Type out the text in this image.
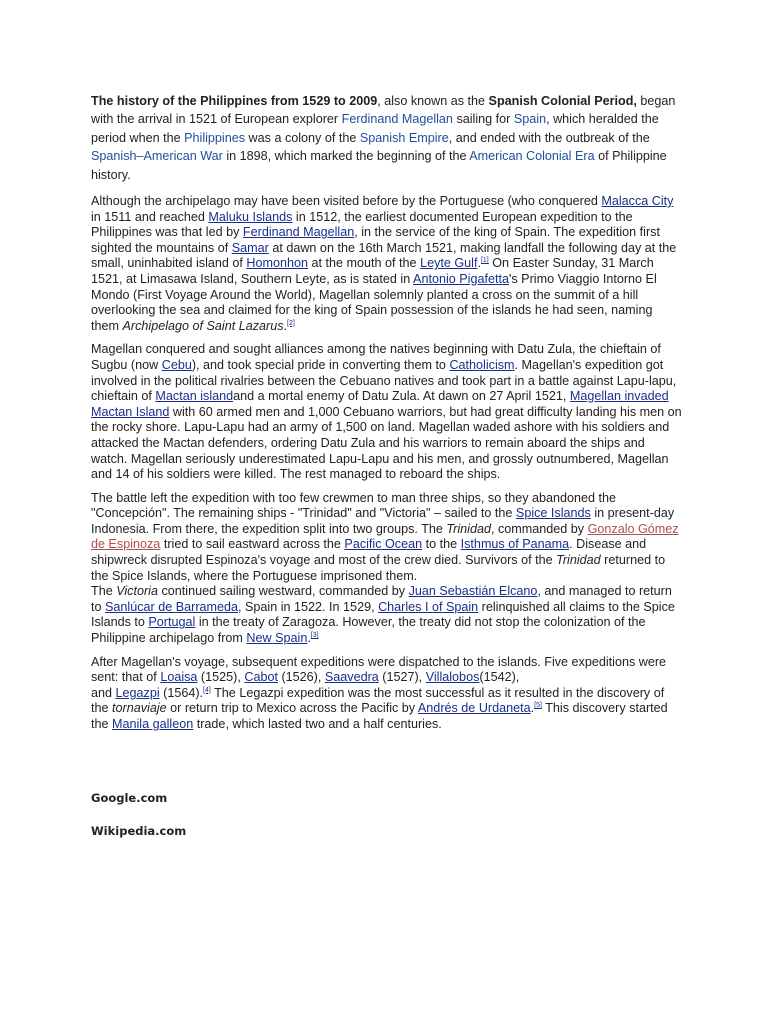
The history of the Philippines from 1529 to 2009, also known as the Spanish Colonial Period, began with the arrival in 1521 of European explorer Ferdinand Magellan sailing for Spain, which heralded the period when the Philippines was a colony of the Spanish Empire, and ended with the outbreak of the Spanish–American War in 1898, which marked the beginning of the American Colonial Era of Philippine history.

Although the archipelago may have been visited before by the Portuguese (who conquered Malacca City in 1511 and reached Maluku Islands in 1512, the earliest documented European expedition to the Philippines was that led by Ferdinand Magellan, in the service of the king of Spain. The expedition first sighted the mountains of Samar at dawn on the 16th March 1521, making landfall the following day at the small, uninhabited island of Homonhon at the mouth of the Leyte Gulf.[1] On Easter Sunday, 31 March 1521, at Limasawa Island, Southern Leyte, as is stated in Antonio Pigafetta's Primo Viaggio Intorno El Mondo (First Voyage Around the World), Magellan solemnly planted a cross on the summit of a hill overlooking the sea and claimed for the king of Spain possession of the islands he had seen, naming them Archipelago of Saint Lazarus.[2]

Magellan conquered and sought alliances among the natives beginning with Datu Zula, the chieftain of Sugbu (now Cebu), and took special pride in converting them to Catholicism. Magellan's expedition got involved in the political rivalries between the Cebuano natives and took part in a battle against Lapu-lapu, chieftain of Mactan islandand a mortal enemy of Datu Zula. At dawn on 27 April 1521, Magellan invaded Mactan Island with 60 armed men and 1,000 Cebuano warriors, but had great difficulty landing his men on the rocky shore. Lapu-Lapu had an army of 1,500 on land. Magellan waded ashore with his soldiers and attacked the Mactan defenders, ordering Datu Zula and his warriors to remain aboard the ships and watch. Magellan seriously underestimated Lapu-Lapu and his men, and grossly outnumbered, Magellan and 14 of his soldiers were killed. The rest managed to reboard the ships.

The battle left the expedition with too few crewmen to man three ships, so they abandoned the "Concepción". The remaining ships - "Trinidad" and "Victoria" – sailed to the Spice Islands in present-day Indonesia. From there, the expedition split into two groups. The Trinidad, commanded by Gonzalo Gómez de Espinoza tried to sail eastward across the Pacific Ocean to the Isthmus of Panama. Disease and shipwreck disrupted Espinoza's voyage and most of the crew died. Survivors of the Trinidad returned to the Spice Islands, where the Portuguese imprisoned them.
The Victoria continued sailing westward, commanded by Juan Sebastián Elcano, and managed to return to Sanlúcar de Barrameda, Spain in 1522. In 1529, Charles I of Spain relinquished all claims to the Spice Islands to Portugal in the treaty of Zaragoza. However, the treaty did not stop the colonization of the Philippine archipelago from New Spain.[3]

After Magellan's voyage, subsequent expeditions were dispatched to the islands. Five expeditions were sent: that of Loaisa (1525), Cabot (1526), Saavedra (1527), Villalobos(1542),
and Legazpi (1564).[4] The Legazpi expedition was the most successful as it resulted in the discovery of the tornaviaje or return trip to Mexico across the Pacific by Andrés de Urdaneta.[5] This discovery started the Manila galleon trade, which lasted two and a half centuries.

Google.com

Wikipedia.com
